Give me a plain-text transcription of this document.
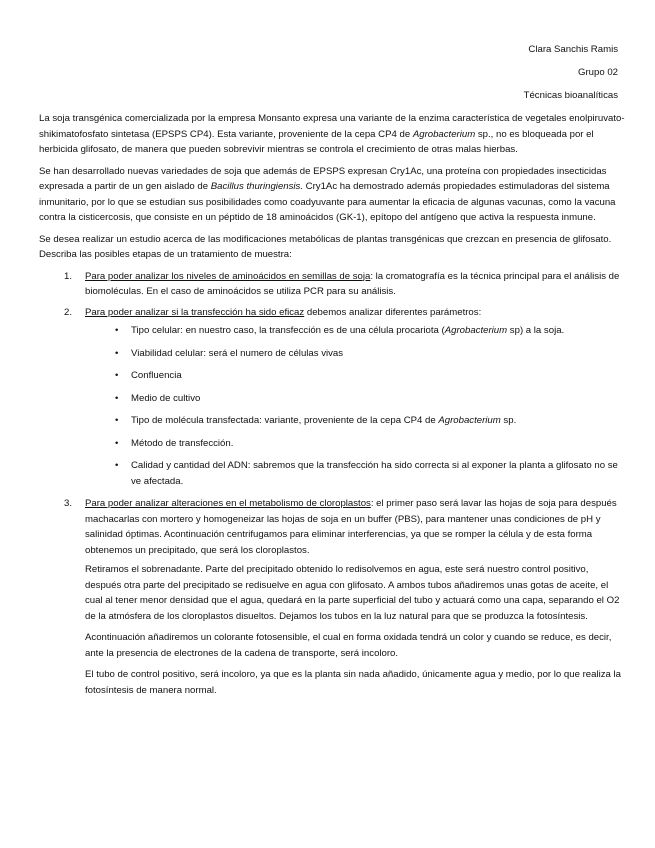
Clara Sanchis Ramis
Grupo 02
Técnicas bioanalíticas

La soja transgénica comercializada por la empresa Monsanto expresa una variante de la enzima característica de vegetales enolpiruvato-shikimatofosfato sintetasa (EPSPS CP4). Esta variante, proveniente de la cepa CP4 de Agrobacterium sp., no es bloqueada por el herbicida glifosato, de manera que pueden sobrevivir mientras se controla el crecimiento de otras malas hierbas.

Se han desarrollado nuevas variedades de soja que además de EPSPS expresan Cry1Ac, una proteína con propiedades insecticidas expresada a partir de un gen aislado de Bacillus thuringiensis. Cry1Ac ha demostrado además propiedades estimuladoras del sistema inmunitario, por lo que se estudian sus posibilidades como coadyuvante para aumentar la eficacia de algunas vacunas, como la vacuna contra la cisticercosis, que consiste en un péptido de 18 aminoácidos (GK-1), epítopo del antígeno que activa la respuesta inmune.

Se desea realizar un estudio acerca de las modificaciones metabólicas de plantas transgénicas que crezcan en presencia de glifosato. Describa las posibles etapas de un tratamiento de muestra:

1. Para poder analizar los niveles de aminoácidos en semillas de soja: la cromatografía es la técnica principal para el análisis de biomoléculas. En el caso de aminoácidos se utiliza PCR para su análisis.
2. Para poder analizar si la transfección ha sido eficaz debemos analizar diferentes parámetros:
• Tipo celular: en nuestro caso, la transfección es de una célula procariota (Agrobacterium sp) a la soja.
• Viabilidad celular: será el numero de células vivas
• Confluencia
• Medio de cultivo
• Tipo de molécula transfectada: variante, proveniente de la cepa CP4 de Agrobacterium sp.
• Método de transfección.
• Calidad y cantidad del ADN: sabremos que la transfección ha sido correcta si al exponer la planta a glifosato no se ve afectada.
3. Para poder analizar alteraciones en el metabolismo de cloroplastos: el primer paso será lavar las hojas de soja para después machacarlas con mortero y homogeneizar las hojas de soja en un buffer (PBS), para mantener unas condiciones de pH y salinidad óptimas. Acontinuación centrifugamos para eliminar interferencias, ya que se romper la célula y de esta forma obtenemos un precipitado, que será los cloroplastos.

Retiramos el sobrenadante. Parte del precipitado obtenido lo redisolvemos en agua, este será nuestro control positivo, después otra parte del precipitado se redisuelve en agua con glifosato. A ambos tubos añadiremos unas gotas de aceite, el cual al tener menor densidad que el agua, quedará en la parte superficial del tubo y actuará como una capa, separando el O2 de la atmósfera de los cloroplastos disueltos. Dejamos los tubos en la luz natural para que se produzca la fotosíntesis.

Acontinuación añadiremos un colorante fotosensible, el cual en forma oxidada tendrá un color y cuando se reduce, es decir, ante la presencia de electrones de la cadena de transporte, será incoloro.

El tubo de control positivo, será incoloro, ya que es la planta sin nada añadido, únicamente agua y medio, por lo que realiza la fotosíntesis de manera normal.
